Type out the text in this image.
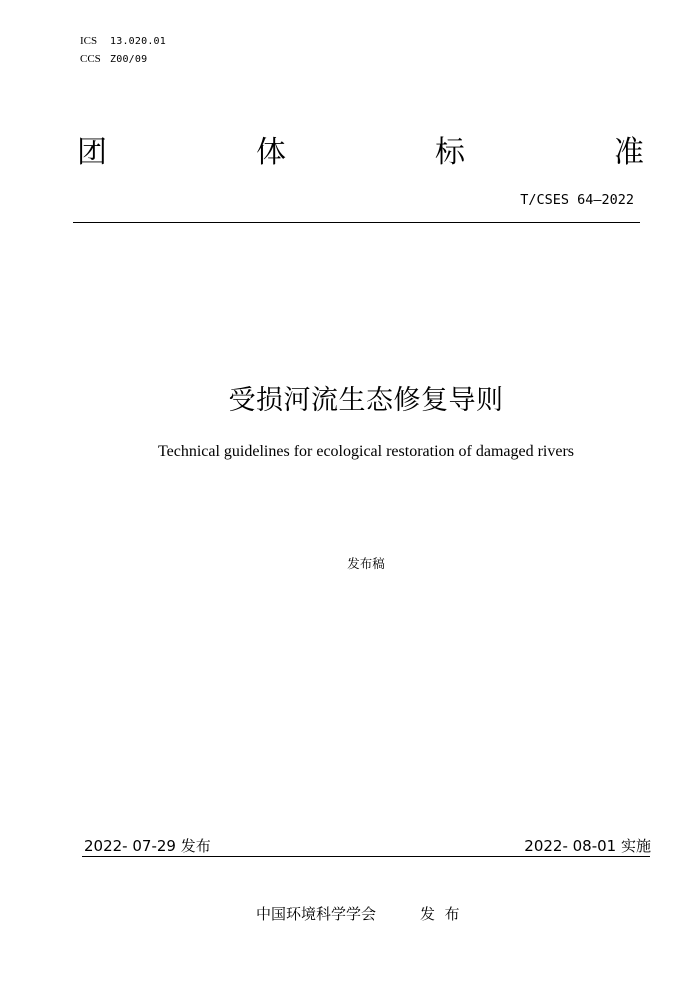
ICS 13.020.01
CCS Z00/09
团	体	标	准
T/CSES 64—2022
受损河流生态修复导则
Technical guidelines for ecological restoration of damaged rivers
发布稿
2022- 07-29 发布	2022- 08-01 实施
中国环境科学学会	发  布
